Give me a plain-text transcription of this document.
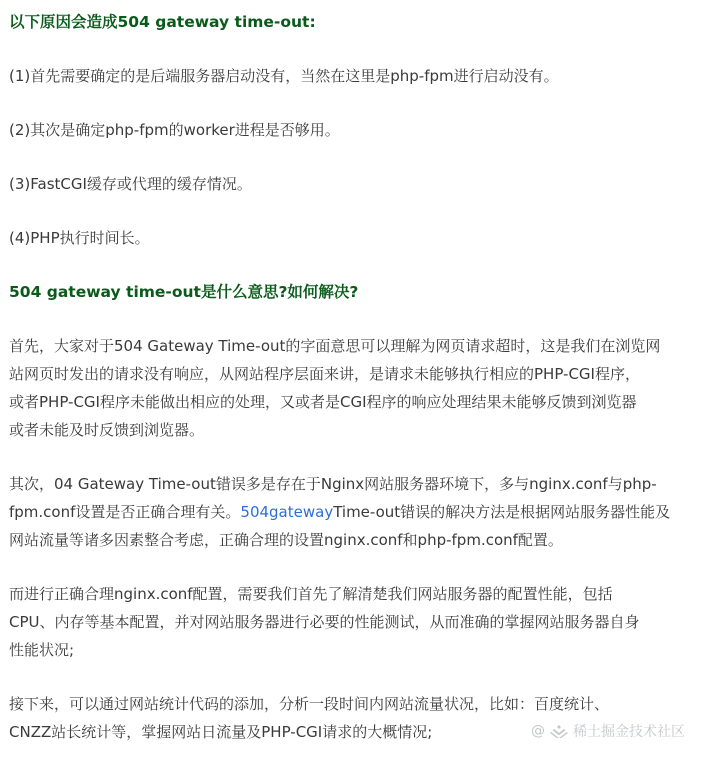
以下原因会造成504 gateway time-out:

(1)首先需要确定的是后端服务器启动没有，当然在这里是php-fpm进行启动没有。

(2)其次是确定php-fpm的worker进程是否够用。

(3)FastCGI缓存或代理的缓存情况。

(4)PHP执行时间长。

504 gateway time-out是什么意思?如何解决?

首先，大家对于504 Gateway Time-out的字面意思可以理解为网页请求超时，这是我们在浏览网

站网页时发出的请求没有响应，从网站程序层面来讲，是请求未能够执行相应的PHP-CGI程序，

或者PHP-CGI程序未能做出相应的处理，又或者是CGI程序的响应处理结果未能够反馈到浏览器

或者未能及时反馈到浏览器。

其次，04 Gateway Time-out错误多是存在于Nginx网站服务器环境下，多与nginx.conf与php-

fpm.conf设置是否正确合理有关。504gatewayTime-out错误的解决方法是根据网站服务器性能及

网站流量等诸多因素整合考虑，正确合理的设置nginx.conf和php-fpm.conf配置。

而进行正确合理nginx.conf配置，需要我们首先了解清楚我们网站服务器的配置性能，包括

CPU、内存等基本配置，并对网站服务器进行必要的性能测试，从而准确的掌握网站服务器自身

性能状况;

接下来，可以通过网站统计代码的添加，分析一段时间内网站流量状况，比如：百度统计、

CNZZ站长统计等，掌握网站日流量及PHP-CGI请求的大概情况;	@ 稀土掘金技术社区
